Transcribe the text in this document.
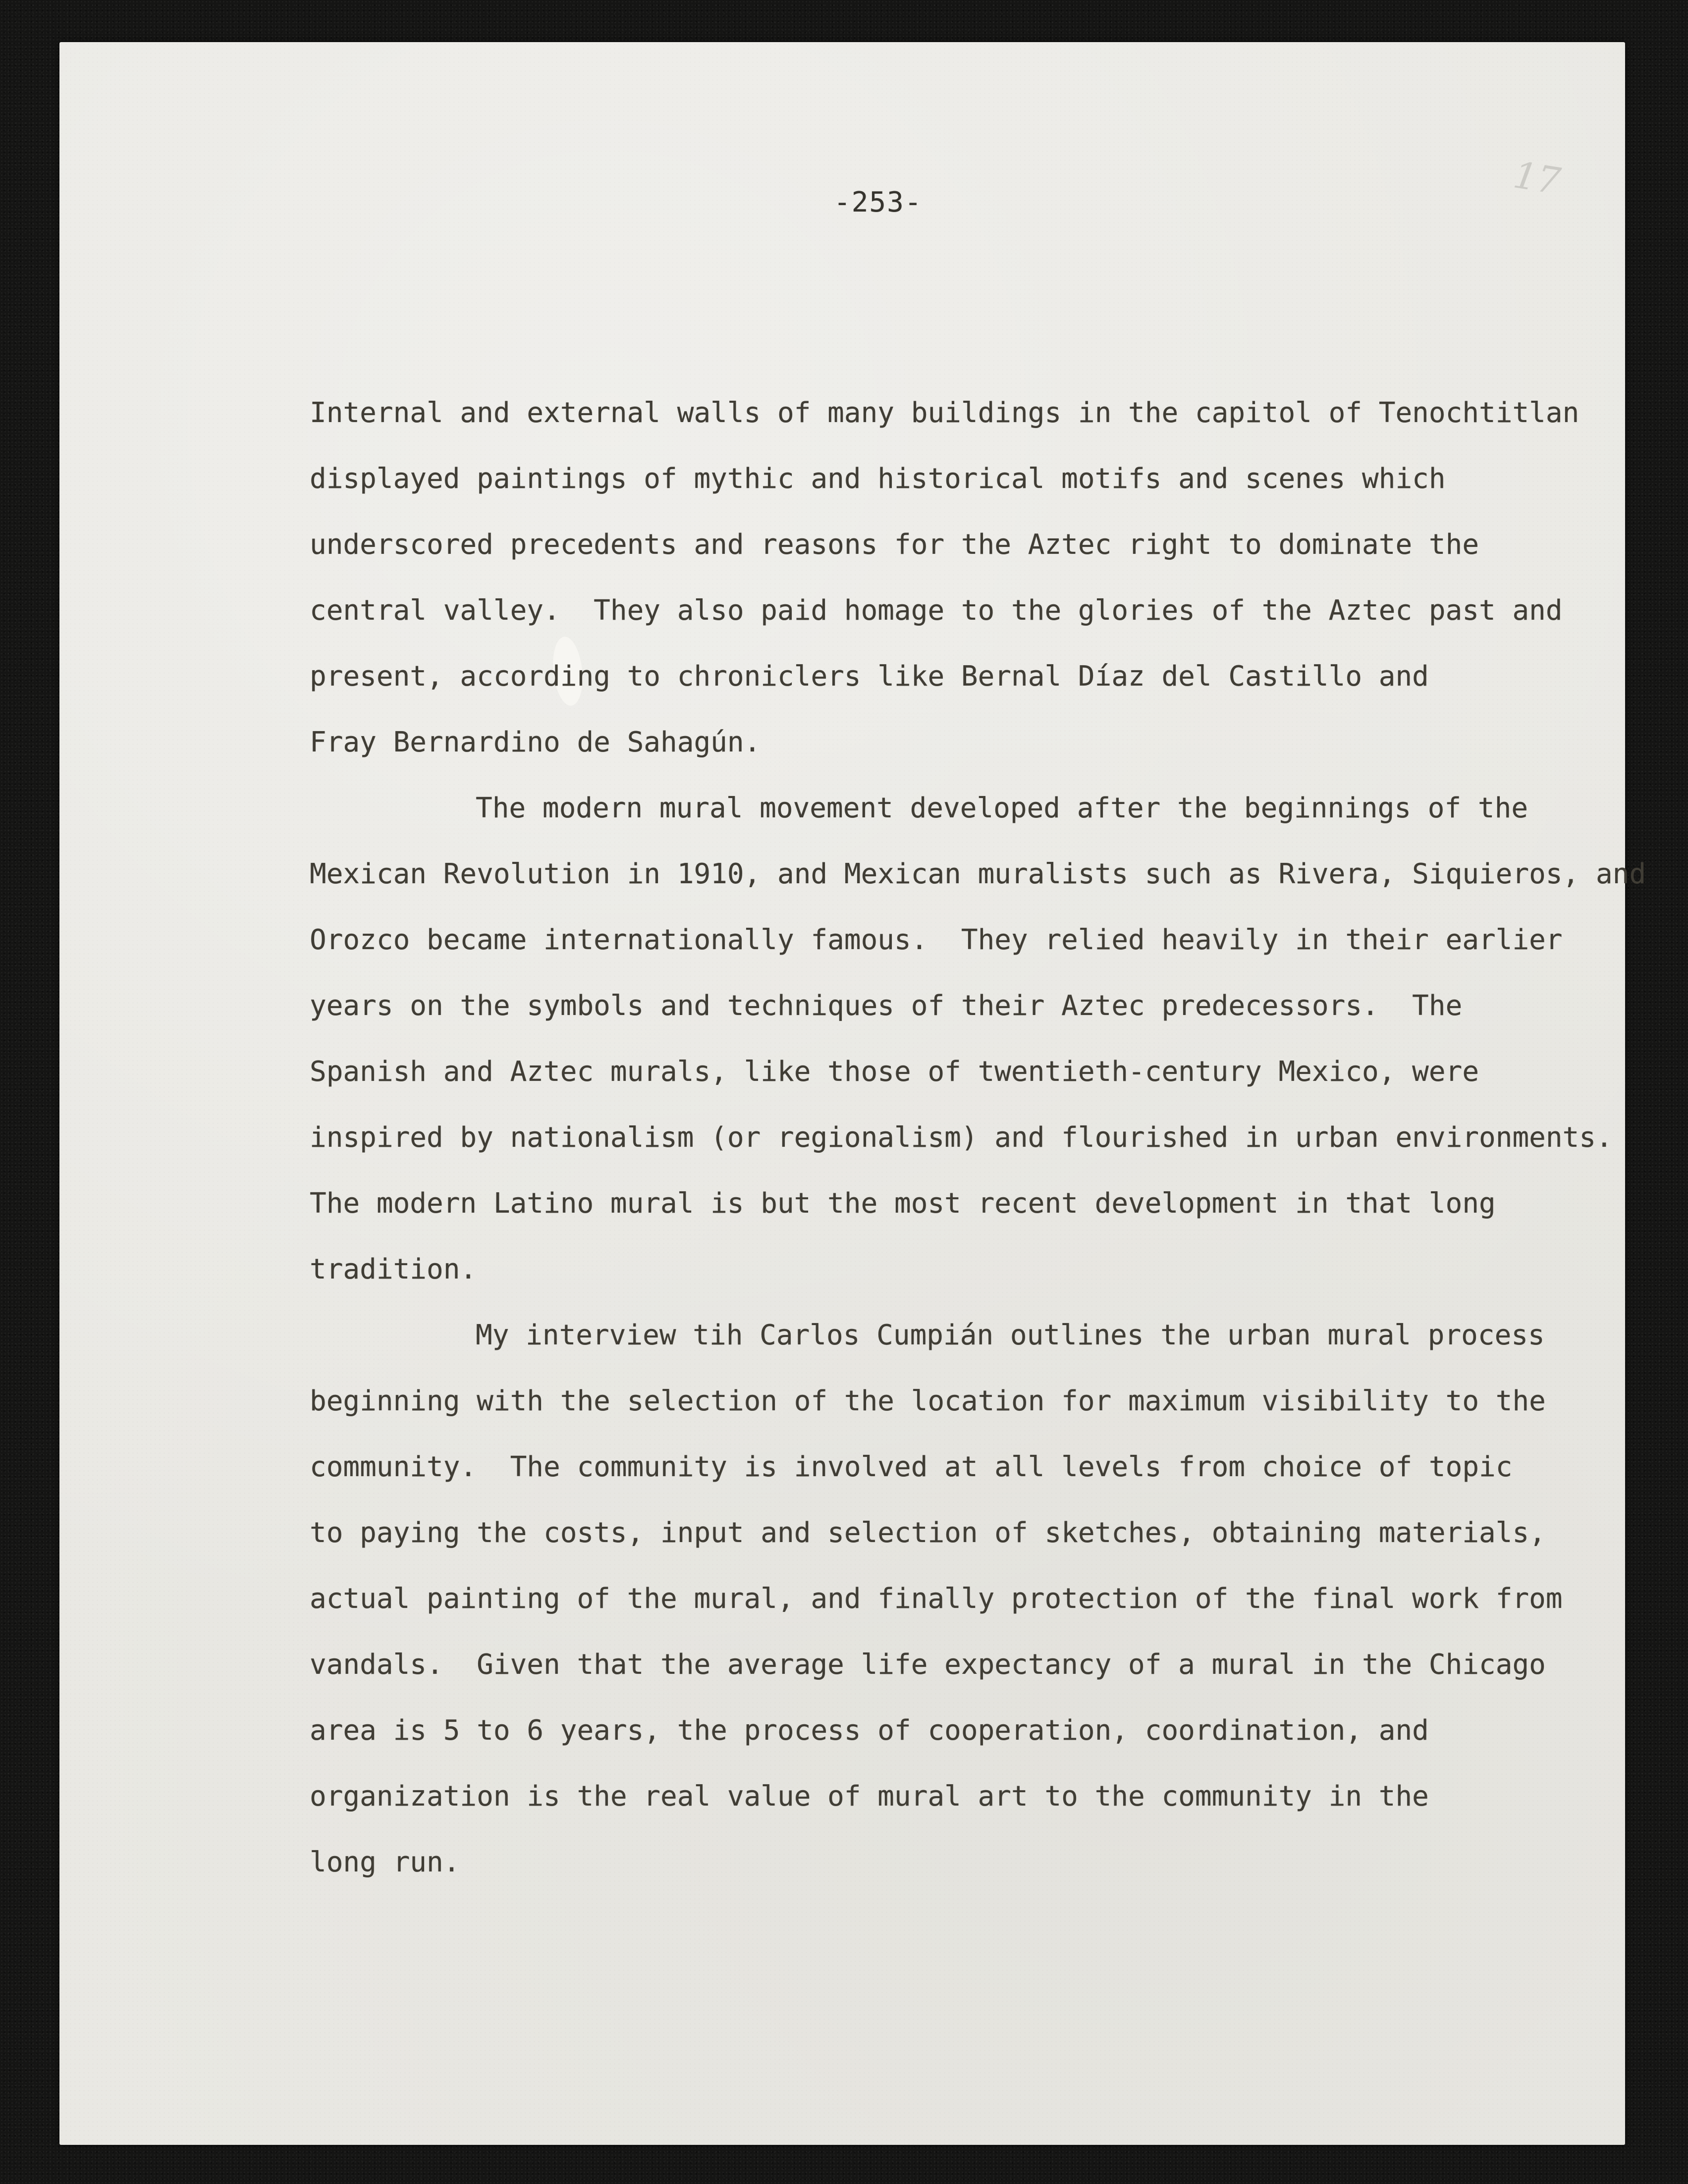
17
-253-
Internal and external walls of many buildings in the capitol of Tenochtitlan
displayed paintings of mythic and historical motifs and scenes which
underscored precedents and reasons for the Aztec right to dominate the
central valley.  They also paid homage to the glories of the Aztec past and
present, according to chroniclers like Bernal Díaz del Castillo and
Fray Bernardino de Sahagún.
The modern mural movement developed after the beginnings of the
Mexican Revolution in 1910, and Mexican muralists such as Rivera, Siquieros, and
Orozco became internationally famous.  They relied heavily in their earlier
years on the symbols and techniques of their Aztec predecessors.  The
Spanish and Aztec murals, like those of twentieth-century Mexico, were
inspired by nationalism (or regionalism) and flourished in urban environments.
The modern Latino mural is but the most recent development in that long
tradition.
My interview tih Carlos Cumpián outlines the urban mural process
beginning with the selection of the location for maximum visibility to the
community.  The community is involved at all levels from choice of topic
to paying the costs, input and selection of sketches, obtaining materials,
actual painting of the mural, and finally protection of the final work from
vandals.  Given that the average life expectancy of a mural in the Chicago
area is 5 to 6 years, the process of cooperation, coordination, and
organization is the real value of mural art to the community in the
long run.
